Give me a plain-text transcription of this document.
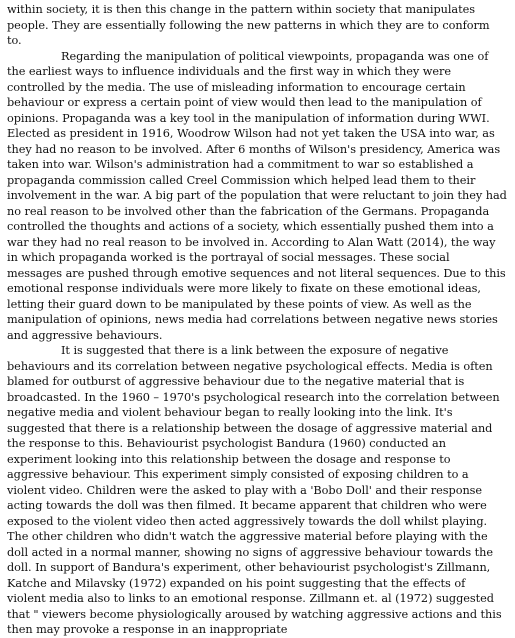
within society, it is then this change in the pattern within society that manipulates people. They are essentially following the new patterns in which they are to conform to.

Regarding the manipulation of political viewpoints, propaganda was one of the earliest ways to influence individuals and the first way in which they were controlled by the media. The use of misleading information to encourage certain behaviour or express a certain point of view would then lead to the manipulation of opinions. Propaganda was a key tool in the manipulation of information during WWI. Elected as president in 1916, Woodrow Wilson had not yet taken the USA into war, as they had no reason to be involved. After 6 months of Wilson's presidency, America was taken into war. Wilson's administration had a commitment to war so established a propaganda commission called Creel Commission which helped lead them to their involvement in the war. A big part of the population that were reluctant to join they had no real reason to be involved other than the fabrication of the Germans. Propaganda controlled the thoughts and actions of a society, which essentially pushed them into a war they had no real reason to be involved in. According to Alan Watt (2014), the way in which propaganda worked is the portrayal of social messages. These social messages are pushed through emotive sequences and not literal sequences. Due to this emotional response individuals were more likely to fixate on these emotional ideas, letting their guard down to be manipulated by these points of view. As well as the manipulation of opinions, news media had correlations between negative news stories and aggressive behaviours.

It is suggested that there is a link between the exposure of negative behaviours and its correlation between negative psychological effects. Media is often blamed for outburst of aggressive behaviour due to the negative material that is broadcasted. In the 1960 – 1970's psychological research into the correlation between negative media and violent behaviour began to really looking into the link. It's suggested that there is a relationship between the dosage of aggressive material and the response to this. Behaviourist psychologist Bandura (1960) conducted an experiment looking into this relationship between the dosage and response to aggressive behaviour. This experiment simply consisted of exposing children to a violent video. Children were the asked to play with a 'Bobo Doll' and their response acting towards the doll was then filmed. It became apparent that children who were exposed to the violent video then acted aggressively towards the doll whilst playing. The other children who didn't watch the aggressive material before playing with the doll acted in a normal manner, showing no signs of aggressive behaviour towards the doll. In support of Bandura's experiment, other behaviourist psychologist's Zillmann, Katche and Milavsky (1972) expanded on his point suggesting that the effects of violent media also to links to an emotional response. Zillmann et. al (1972) suggested that " viewers become physiologically aroused by watching aggressive actions and this then may provoke a response in an inappropriate
